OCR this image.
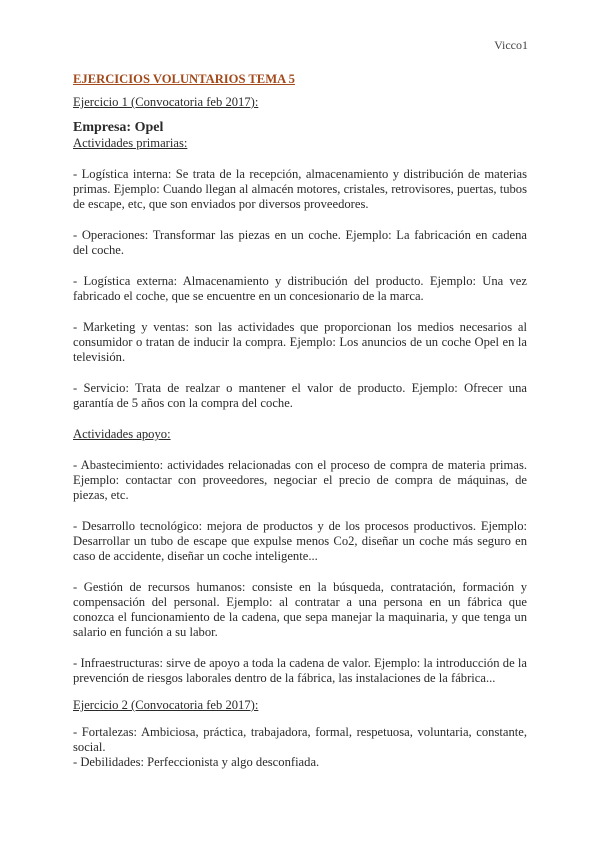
Vicco1
EJERCICIOS VOLUNTARIOS TEMA 5

Ejercicio 1 (Convocatoria feb 2017):

Empresa: Opel

Actividades primarias:

- Logística interna: Se trata de la recepción, almacenamiento y distribución de materias primas. Ejemplo: Cuando llegan al almacén motores, cristales, retrovisores, puertas, tubos de escape, etc, que son enviados por diversos proveedores.

- Operaciones: Transformar las piezas en un coche. Ejemplo: La fabricación en cadena del coche.

- Logística externa: Almacenamiento y distribución del producto. Ejemplo: Una vez fabricado el coche, que se encuentre en un concesionario de la marca.

- Marketing y ventas: son las actividades que proporcionan los medios necesarios al consumidor o tratan de inducir la compra. Ejemplo: Los anuncios de un coche Opel en la televisión.

- Servicio: Trata de realzar o mantener el valor de producto. Ejemplo: Ofrecer una garantía de 5 años con la compra del coche.

Actividades apoyo:

- Abastecimiento: actividades relacionadas con el proceso de compra de materia primas. Ejemplo: contactar con proveedores, negociar el precio de compra de máquinas, de piezas, etc.

- Desarrollo tecnológico: mejora de productos y de los procesos productivos. Ejemplo: Desarrollar un tubo de escape que expulse menos Co2, diseñar un coche más seguro en caso de accidente, diseñar un coche inteligente...

- Gestión de recursos humanos: consiste en la búsqueda, contratación, formación y compensación del personal. Ejemplo: al contratar a una persona en un fábrica que conozca el funcionamiento de la cadena, que sepa manejar la maquinaria, y que tenga un salario en función a su labor.

- Infraestructuras: sirve de apoyo a toda la cadena de valor. Ejemplo: la introducción de la prevención de riesgos laborales dentro de la fábrica, las instalaciones de la fábrica...

Ejercicio 2 (Convocatoria feb 2017):

- Fortalezas: Ambiciosa, práctica, trabajadora, formal, respetuosa, voluntaria, constante, social.

- Debilidades: Perfeccionista y algo desconfiada.
